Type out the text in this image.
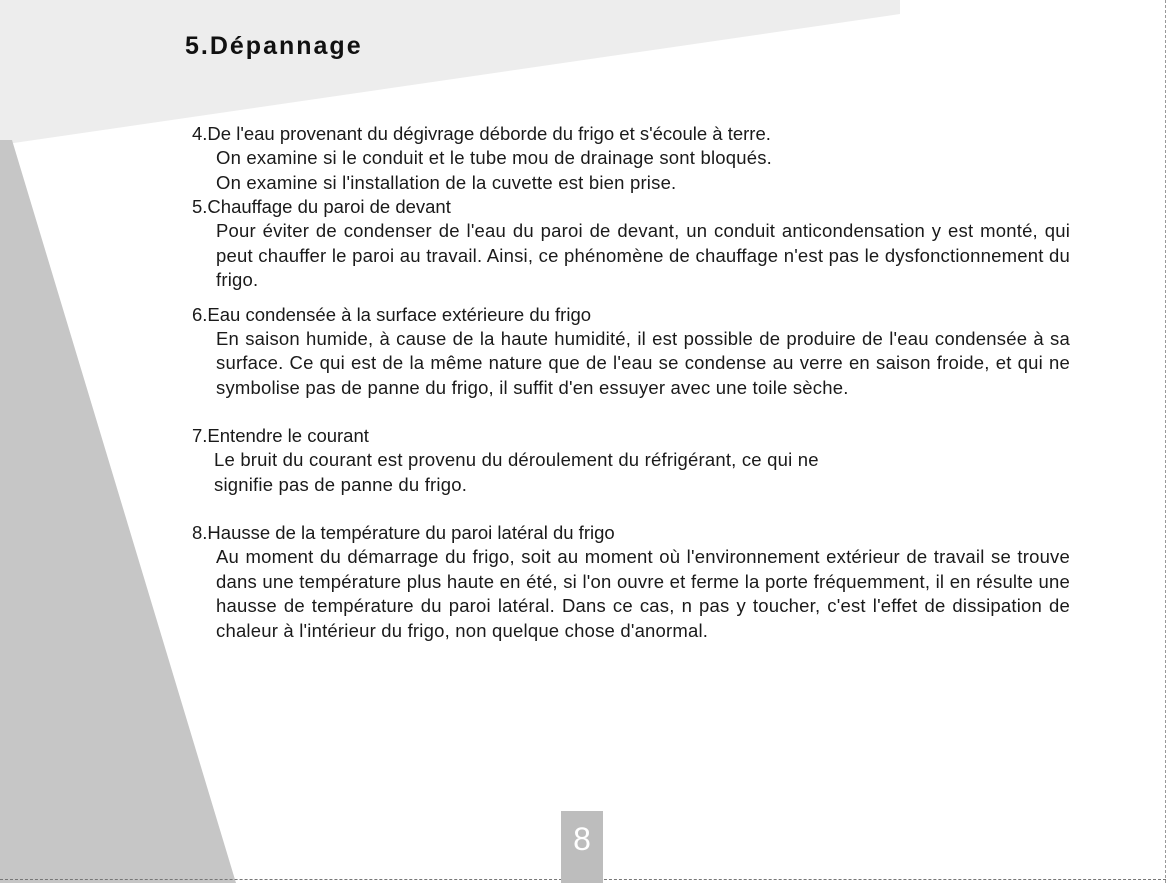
5.Dépannage
4.De l'eau provenant du dégivrage déborde du frigo et s'écoule à terre.
On examine si le conduit et le tube mou de drainage sont bloqués.
On examine si l'installation de la cuvette est bien prise.
5.Chauffage du paroi de devant
Pour éviter de condenser de l'eau du paroi de devant, un conduit anticondensation y est monté, qui peut chauffer le paroi au travail. Ainsi, ce phénomène de chauffage n'est pas le dysfonctionnement du frigo.
6.Eau condensée à la surface extérieure du frigo
En saison humide, à cause de la haute humidité, il est possible de produire de l'eau condensée à sa surface. Ce qui est de la même nature que de l'eau se condense au verre en saison froide, et qui ne symbolise pas de panne du frigo, il suffit d'en essuyer avec une toile sèche.
7.Entendre le courant
Le bruit du courant est provenu du déroulement du réfrigérant, ce qui ne
signifie pas de panne du frigo.
8.Hausse de la température du paroi latéral du frigo
Au moment du démarrage du frigo, soit au moment où l'environnement extérieur de travail se trouve dans une température plus haute en été, si l'on ouvre et ferme la porte fréquemment, il en résulte une hausse de température du paroi latéral. Dans ce cas, n pas y toucher, c'est l'effet de dissipation de chaleur à l'intérieur du frigo, non quelque chose d'anormal.
8
